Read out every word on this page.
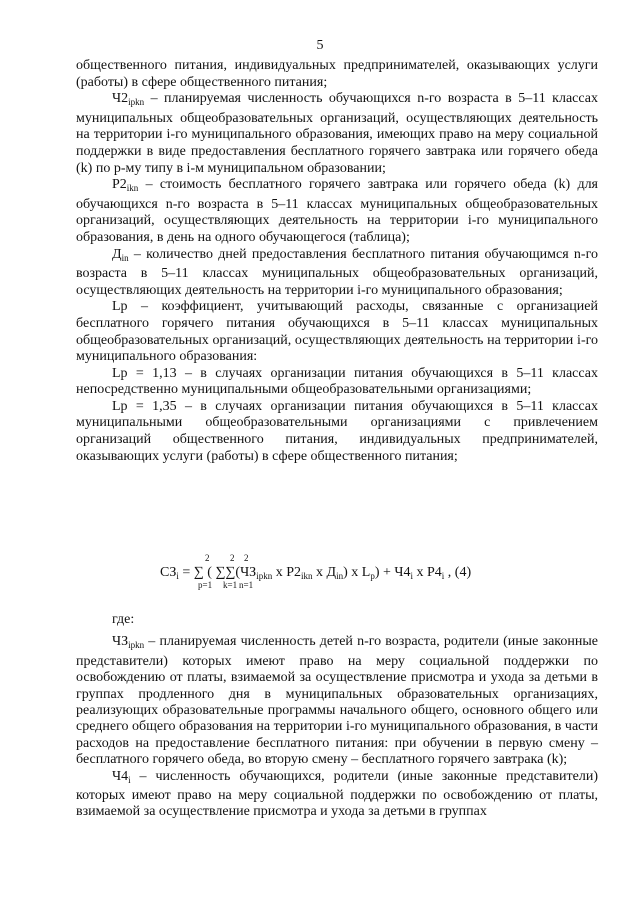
5

общественного питания, индивидуальных предпринимателей, оказывающих услуги (работы) в сфере общественного питания;

$Ч2_{ipkn}$ – планируемая численность обучающихся n-го возраста в 5–11 классах муниципальных общеобразовательных организаций, осуществляющих деятельность на территории i-го муниципального образования, имеющих право на меру социальной поддержки в виде предоставления бесплатного горячего завтрака или горячего обеда (k) по p-му типу в i-м муниципальном образовании;

$Р2_{ikn}$ – стоимость бесплатного горячего завтрака или горячего обеда (k) для обучающихся n-го возраста в 5–11 классах муниципальных общеобразовательных организаций, осуществляющих деятельность на территории i-го муниципального образования, в день на одного обучающегося (таблица);

$Д_{in}$ – количество дней предоставления бесплатного питания обучающимся n-го возраста в 5–11 классах муниципальных общеобразовательных организаций, осуществляющих деятельность на территории i-го муниципального образования;

Lp – коэффициент, учитывающий расходы, связанные с организацией бесплатного горячего питания обучающихся в 5–11 классах муниципальных общеобразовательных организаций, осуществляющих деятельность на территории i-го муниципального образования:

Lp = 1,13 – в случаях организации питания обучающихся в 5–11 классах непосредственно муниципальными общеобразовательными организациями;

Lp = 1,35 – в случаях организации питания обучающихся в 5–11 классах муниципальными общеобразовательными организациями с привлечением организаций общественного питания, индивидуальных предпринимателей, оказывающих услуги (работы) в сфере общественного питания;

2 2 2
p=1 k=1 n=1
$СЗ_i$ = ∑ ( $\sum\sum(ЧЗ_{ipkn}$ х $Р2_{ikn}$ х $Д_{in}$) х $L_p) + Ч4_i$ х $Р4_i$ , (4)

где:

$ЧЗ_{ipkn}$ – планируемая численность детей n-го возраста, родители (иные законные представители) которых имеют право на меру социальной поддержки по освобождению от платы, взимаемой за осуществление присмотра и ухода за детьми в группах продленного дня в муниципальных образовательных организациях, реализующих образовательные программы начального общего, основного общего или среднего общего образования на территории i-го муниципального образования, в части расходов на предоставление бесплатного питания: при обучении в первую смену – бесплатного горячего обеда, во вторую смену – бесплатного горячего завтрака (k);

$Ч4_i$ – численность обучающихся, родители (иные законные представители) которых имеют право на меру социальной поддержки по освобождению от платы, взимаемой за осуществление присмотра и ухода за детьми в группах
